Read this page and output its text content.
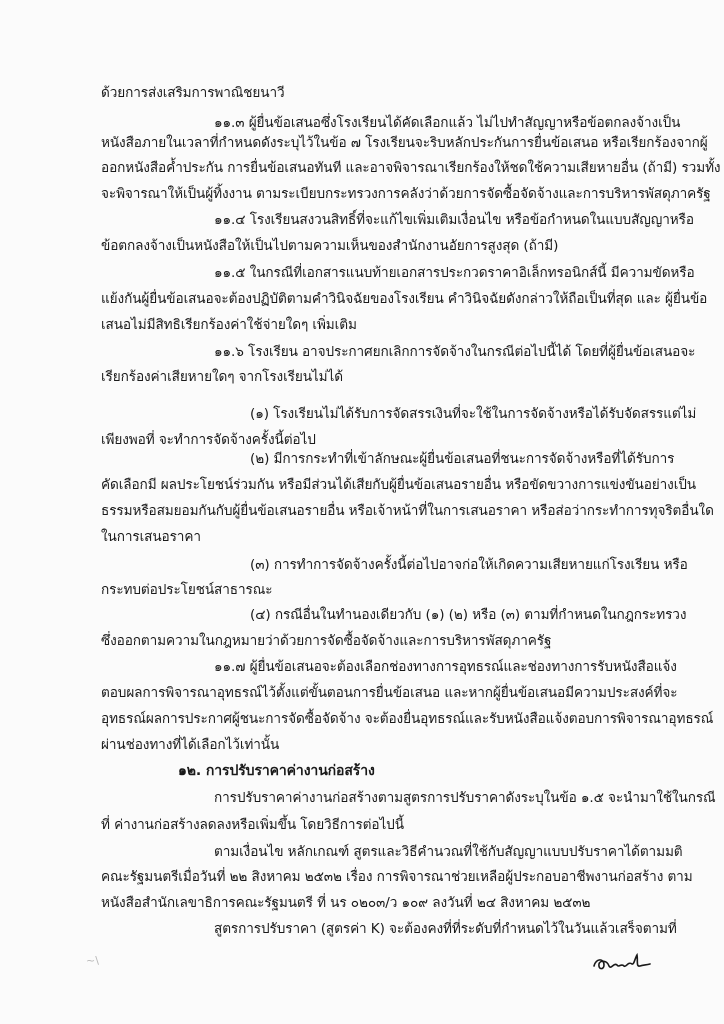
ด้วยการส่งเสริมการพาณิชยนาวี
๑๑.๓ ผู้ยื่นข้อเสนอซึ่งโรงเรียนได้คัดเลือกแล้ว ไม่ไปทำสัญญาหรือข้อตกลงจ้างเป็น
หนังสือภายในเวลาที่กำหนดดังระบุไว้ในข้อ ๗ โรงเรียนจะริบหลักประกันการยื่นข้อเสนอ หรือเรียกร้องจากผู้
ออกหนังสือค้ำประกัน การยื่นข้อเสนอทันที และอาจพิจารณาเรียกร้องให้ชดใช้ความเสียหายอื่น (ถ้ามี) รวมทั้ง
จะพิจารณาให้เป็นผู้ทิ้งงาน ตามระเบียบกระทรวงการคลังว่าด้วยการจัดซื้อจัดจ้างและการบริหารพัสดุภาครัฐ
๑๑.๔ โรงเรียนสงวนสิทธิ์ที่จะแก้ไขเพิ่มเติมเงื่อนไข หรือข้อกำหนดในแบบสัญญาหรือ
ข้อตกลงจ้างเป็นหนังสือให้เป็นไปตามความเห็นของสำนักงานอัยการสูงสุด (ถ้ามี)
๑๑.๕ ในกรณีที่เอกสารแนบท้ายเอกสารประกวดราคาอิเล็กทรอนิกส์นี้ มีความขัดหรือ
แย้งกันผู้ยื่นข้อเสนอจะต้องปฏิบัติตามคำวินิจฉัยของโรงเรียน คำวินิจฉัยดังกล่าวให้ถือเป็นที่สุด และ ผู้ยื่นข้อ
เสนอไม่มีสิทธิเรียกร้องค่าใช้จ่ายใดๆ เพิ่มเติม
๑๑.๖ โรงเรียน อาจประกาศยกเลิกการจัดจ้างในกรณีต่อไปนี้ได้ โดยที่ผู้ยื่นข้อเสนอจะ
เรียกร้องค่าเสียหายใดๆ จากโรงเรียนไม่ได้
(๑) โรงเรียนไม่ได้รับการจัดสรรเงินที่จะใช้ในการจัดจ้างหรือได้รับจัดสรรแต่ไม่
เพียงพอที่ จะทำการจัดจ้างครั้งนี้ต่อไป
(๒) มีการกระทำที่เข้าลักษณะผู้ยื่นข้อเสนอที่ชนะการจัดจ้างหรือที่ได้รับการ
คัดเลือกมี ผลประโยชน์ร่วมกัน หรือมีส่วนได้เสียกับผู้ยื่นข้อเสนอรายอื่น หรือขัดขวางการแข่งขันอย่างเป็น
ธรรมหรือสมยอมกันกับผู้ยื่นข้อเสนอรายอื่น หรือเจ้าหน้าที่ในการเสนอราคา หรือส่อว่ากระทำการทุจริตอื่นใด
ในการเสนอราคา
(๓) การทำการจัดจ้างครั้งนี้ต่อไปอาจก่อให้เกิดความเสียหายแก่โรงเรียน หรือ
กระทบต่อประโยชน์สาธารณะ
(๔) กรณีอื่นในทำนองเดียวกับ (๑) (๒) หรือ (๓) ตามที่กำหนดในกฎกระทรวง
ซึ่งออกตามความในกฎหมายว่าด้วยการจัดซื้อจัดจ้างและการบริหารพัสดุภาครัฐ
๑๑.๗ ผู้ยื่นข้อเสนอจะต้องเลือกช่องทางการอุทธรณ์และช่องทางการรับหนังสือแจ้ง
ตอบผลการพิจารณาอุทธรณ์ไว้ตั้งแต่ขั้นตอนการยื่นข้อเสนอ และหากผู้ยื่นข้อเสนอมีความประสงค์ที่จะ
อุทธรณ์ผลการประกาศผู้ชนะการจัดซื้อจัดจ้าง จะต้องยื่นอุทธรณ์และรับหนังสือแจ้งตอบการพิจารณาอุทธรณ์
ผ่านช่องทางที่ได้เลือกไว้เท่านั้น
๑๒. การปรับราคาค่างานก่อสร้าง
การปรับราคาค่างานก่อสร้างตามสูตรการปรับราคาดังระบุในข้อ ๑.๕ จะนำมาใช้ในกรณี
ที่ ค่างานก่อสร้างลดลงหรือเพิ่มขึ้น โดยวิธีการต่อไปนี้
ตามเงื่อนไข หลักเกณฑ์ สูตรและวิธีคำนวณที่ใช้กับสัญญาแบบปรับราคาได้ตามมติ
คณะรัฐมนตรีเมื่อวันที่ ๒๒ สิงหาคม ๒๕๓๒ เรื่อง การพิจารณาช่วยเหลือผู้ประกอบอาชีพงานก่อสร้าง ตาม
หนังสือสำนักเลขาธิการคณะรัฐมนตรี ที่ นร ๐๒๐๓/ว ๑๐๙ ลงวันที่ ๒๔ สิงหาคม ๒๕๓๒
สูตรการปรับราคา (สูตรค่า K) จะต้องคงที่ที่ระดับที่กำหนดไว้ในวันแล้วเสร็จตามที่
~\
